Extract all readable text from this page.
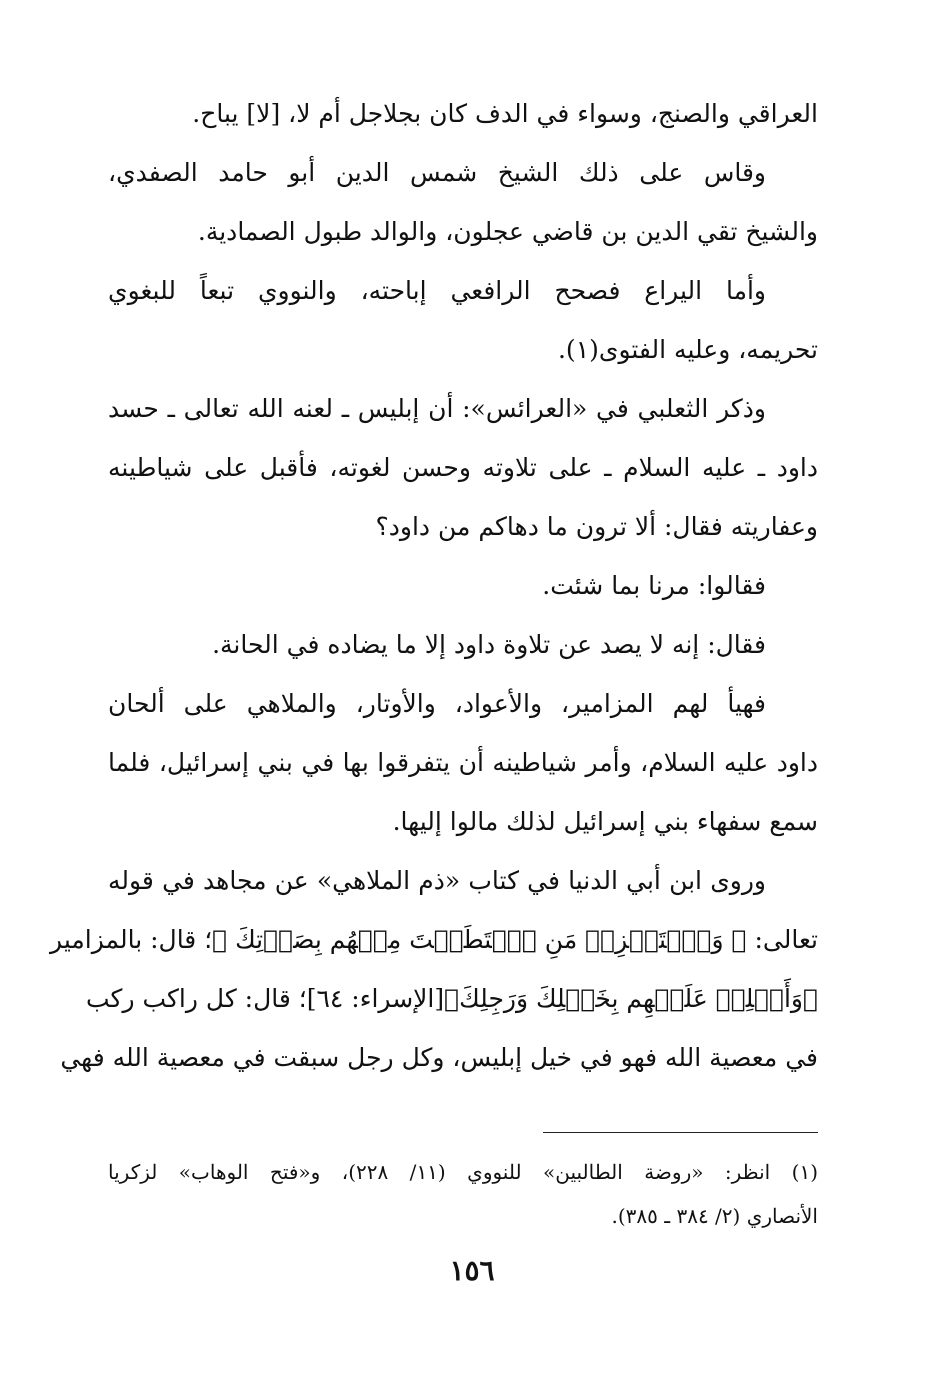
العراقي والصنج، وسواء في الدف كان بجلاجل أم لا، [لا] يباح.
وقاس على ذلك الشيخ شمس الدين أبو حامد الصفدي،
والشيخ تقي الدين بن قاضي عجلون، والوالد طبول الصمادية.
وأما اليراع فصحح الرافعي إباحته، والنووي تبعاً للبغوي
تحريمه، وعليه الفتوى(١).
وذكر الثعلبي في «العرائس»: أن إبليس ـ لعنه الله تعالى ـ حسد
داود ـ عليه السلام ـ على تلاوته وحسن لغوته، فأقبل على شياطينه
وعفاريته فقال: ألا ترون ما دهاكم من داود؟
فقالوا: مرنا بما شئت.
فقال: إنه لا يصد عن تلاوة داود إلا ما يضاده في الحانة.
فهيأ لهم المزامير، والأعواد، والأوتار، والملاهي على ألحان
داود عليه السلام، وأمر شياطينه أن يتفرقوا بها في بني إسرائيل، فلما
سمع سفهاء بني إسرائيل لذلك مالوا إليها.
وروى ابن أبي الدنيا في كتاب «ذم الملاهي» عن مجاهد في قوله
تعالى: ﴿ وَٱسۡتَفۡزِزۡ مَنِ ٱسۡتَطَعۡتَ مِنۡهُم بِصَوۡتِكَ ﴾؛ قال: بالمزامير
﴿وَأَجۡلِبۡ عَلَيۡهِم بِخَيۡلِكَ وَرَجِلِكَ﴾[الإسراء: ٦٤]؛ قال: كل راكب ركب
في معصية الله فهو في خيل إبليس، وكل رجل سبقت في معصية الله فهي
(١) انظر: «روضة الطالبين» للنووي (١١/ ٢٢٨)، و«فتح الوهاب» لزكريا
الأنصاري (٢/ ٣٨٤ ـ ٣٨٥).
١٥٦
